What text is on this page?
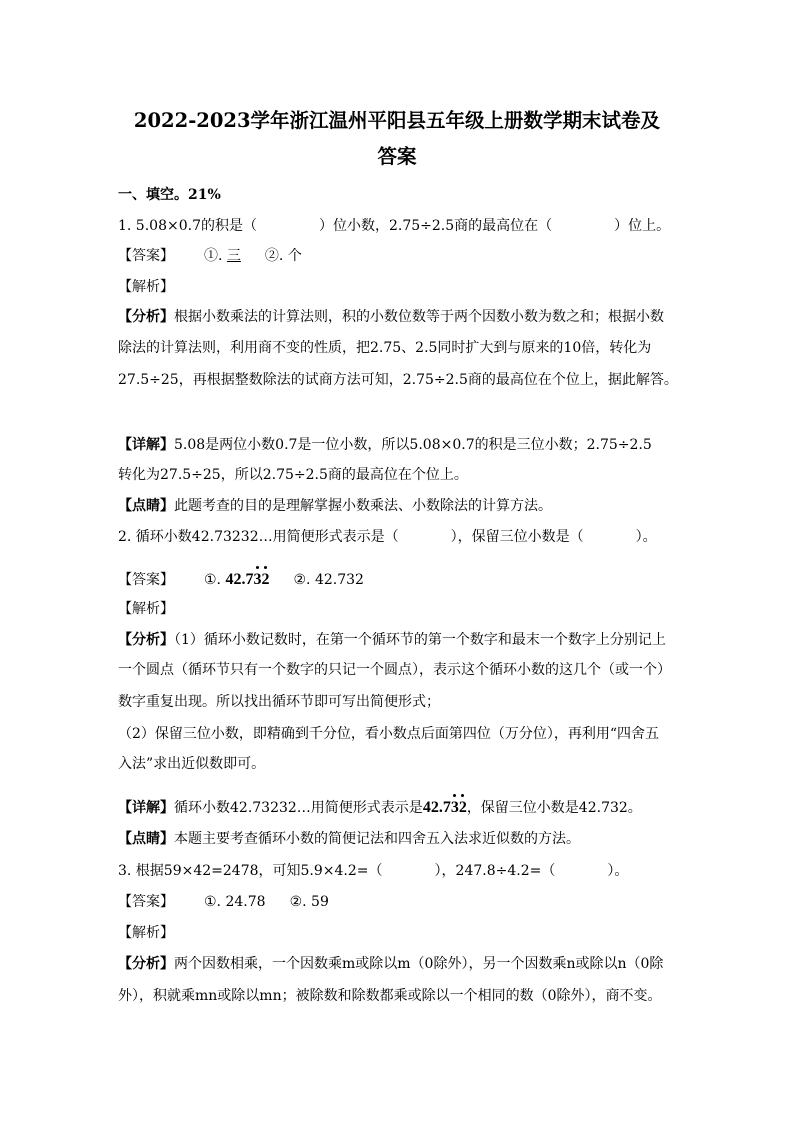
2022-2023学年浙江温州平阳县五年级上册数学期末试卷及
答案
一、填空。21%
1. 5.08×0.7的积是（	）位小数，2.75÷2.5商的最高位在（	）位上。
【答案】 ①. 三 ②. 个
【解析】
【分析】根据小数乘法的计算法则，积的小数位数等于两个因数小数为数之和；根据小数
除法的计算法则，利用商不变的性质，把2.75、2.5同时扩大到与原来的10倍，转化为
27.5÷25，再根据整数除法的试商方法可知，2.75÷2.5商的最高位在个位上，据此解答。
【详解】5.08是两位小数0.7是一位小数，所以5.08×0.7的积是三位小数；2.75÷2.5
转化为27.5÷25，所以2.75÷2.5商的最高位在个位上。
【点睛】此题考查的目的是理解掌握小数乘法、小数除法的计算方法。
2. 循环小数42.73232…用简便形式表示是（	），保留三位小数是（	）。
【答案】 ①. 42.732 ②. 42.732
【解析】
【分析】（1）循环小数记数时，在第一个循环节的第一个数字和最末一个数字上分别记上
一个圆点（循环节只有一个数字的只记一个圆点），表示这个循环小数的这几个（或一个）
数字重复出现。所以找出循环节即可写出简便形式；
（2）保留三位小数，即精确到千分位，看小数点后面第四位（万分位），再利用“四舍五
入法”求出近似数即可。
【详解】循环小数42.73232…用简便形式表示是42.732，保留三位小数是42.732。
【点睛】本题主要考查循环小数的简便记法和四舍五入法求近似数的方法。
3. 根据59×42=2478，可知5.9×4.2=（	），247.8÷4.2=（	）。
【答案】 ①. 24.78 ②. 59
【解析】
【分析】两个因数相乘，一个因数乘m或除以m（0除外），另一个因数乘n或除以n（0除
外），积就乘mn或除以mn；被除数和除数都乘或除以一个相同的数（0除外），商不变。
